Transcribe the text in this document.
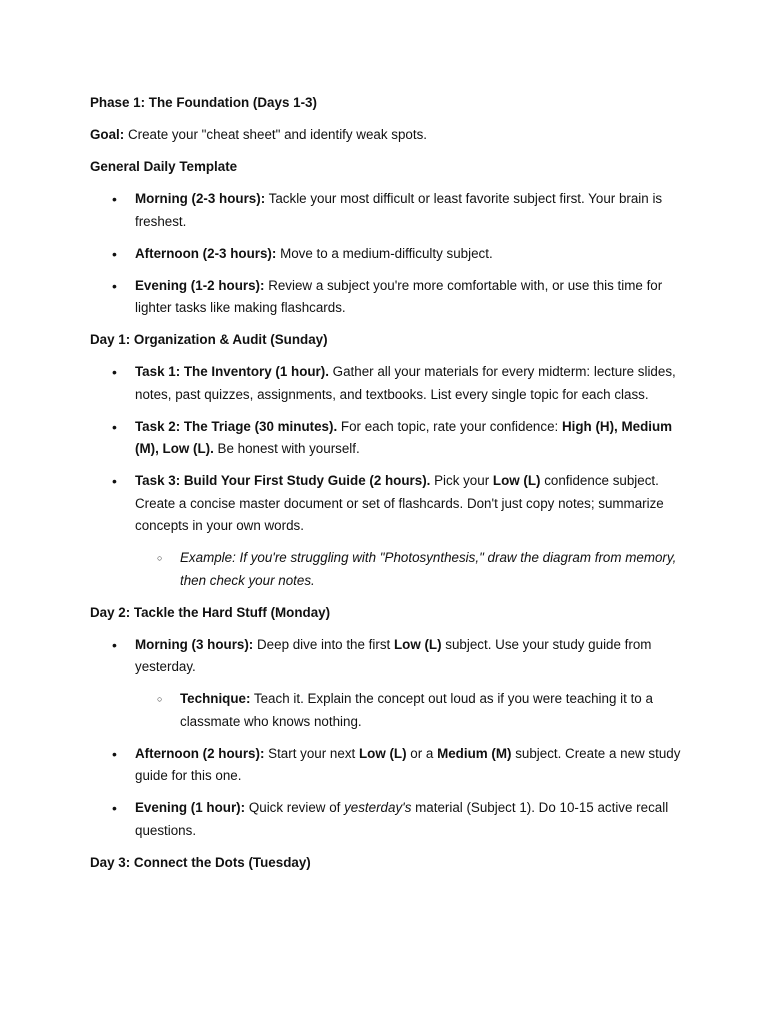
Phase 1: The Foundation (Days 1-3)

Goal: Create your "cheat sheet" and identify weak spots.

General Daily Template

• Morning (2-3 hours): Tackle your most difficult or least favorite subject first. Your brain is freshest.
• Afternoon (2-3 hours): Move to a medium-difficulty subject.
• Evening (1-2 hours): Review a subject you're more comfortable with, or use this time for lighter tasks like making flashcards.

Day 1: Organization & Audit (Sunday)

• Task 1: The Inventory (1 hour). Gather all your materials for every midterm: lecture slides, notes, past quizzes, assignments, and textbooks. List every single topic for each class.
• Task 2: The Triage (30 minutes). For each topic, rate your confidence: High (H), Medium (M), Low (L). Be honest with yourself.
• Task 3: Build Your First Study Guide (2 hours). Pick your Low (L) confidence subject. Create a concise master document or set of flashcards. Don't just copy notes; summarize concepts in your own words.
○ Example: If you're struggling with "Photosynthesis," draw the diagram from memory, then check your notes.

Day 2: Tackle the Hard Stuff (Monday)

• Morning (3 hours): Deep dive into the first Low (L) subject. Use your study guide from yesterday.
○ Technique: Teach it. Explain the concept out loud as if you were teaching it to a classmate who knows nothing.
• Afternoon (2 hours): Start your next Low (L) or a Medium (M) subject. Create a new study guide for this one.
• Evening (1 hour): Quick review of yesterday's material (Subject 1). Do 10-15 active recall questions.

Day 3: Connect the Dots (Tuesday)
